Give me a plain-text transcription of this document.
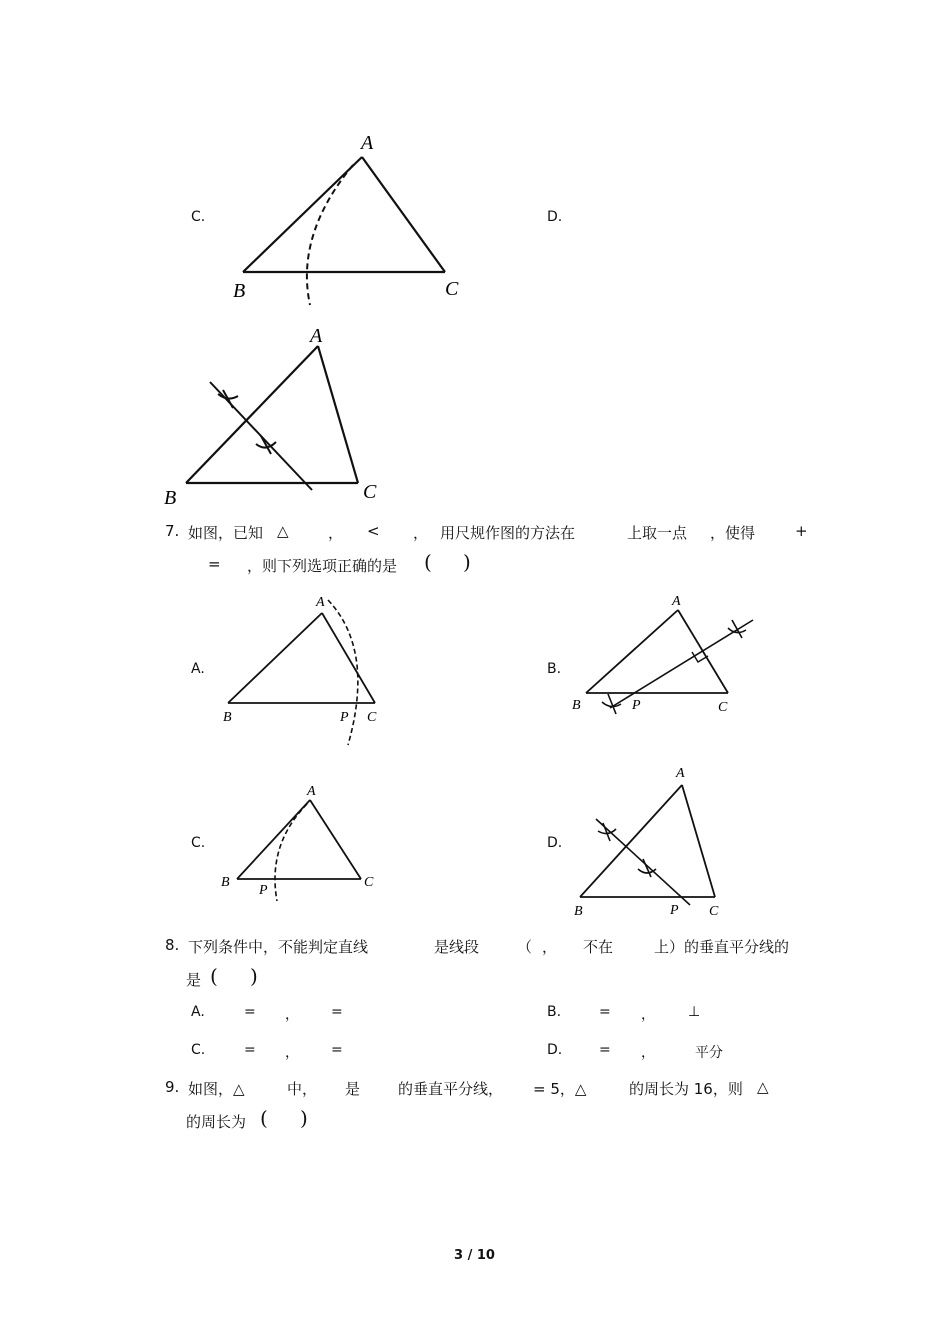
C.	D.
A
B	C
A
B	C
7. 如图，已知 △	， < ， 用尺规作图的方法在	上取一点 ，使得	+
= ，则下列选项正确的是 ( )
A.	B.
C.	D.
A
B	P C
A
B	P	C
A
B
P
C
A
B	P C
8. 下列条件中，不能判定直线	是线段	（ ， 不在	上）的垂直平分线的
是 ( )
A.	= ， =	B.	= ， ⊥
C.	= ， =	D.	= ，	平分
9. 如图，△	中， 是	的垂直平分线， = 5，△	的周长为 16，则 △
的周长为 ( )
3 / 10
